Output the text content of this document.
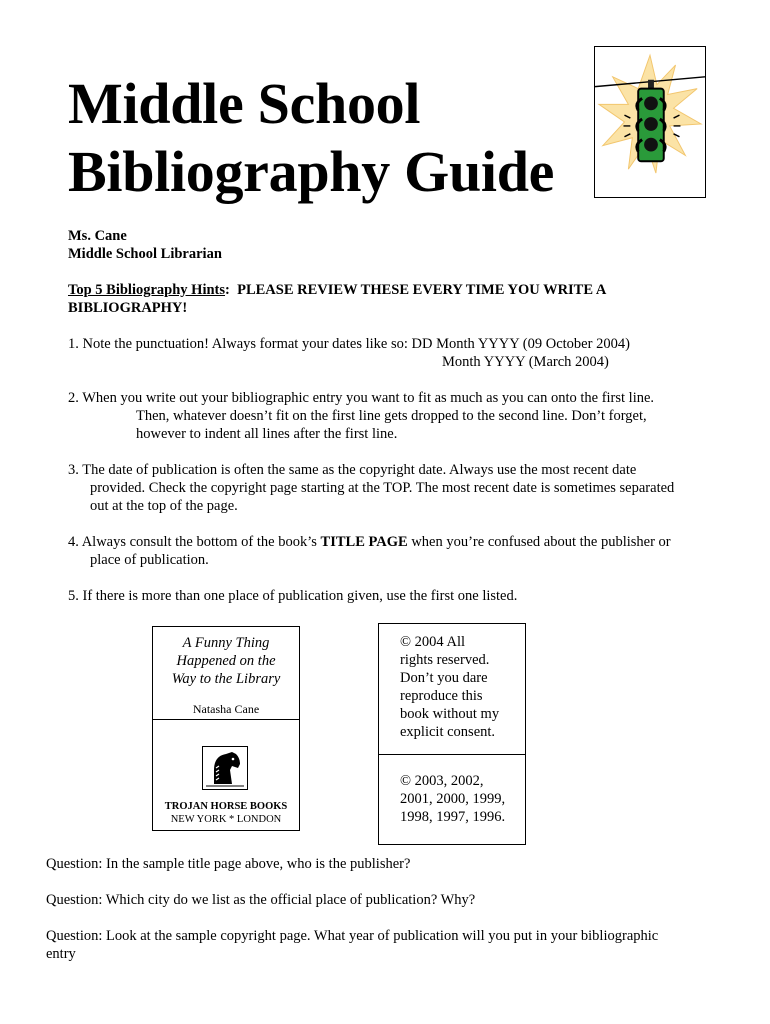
Middle School
Bibliography Guide
Ms. Cane
Middle School Librarian
Top 5 Bibliography Hints: PLEASE REVIEW THESE EVERY TIME YOU WRITE A
BIBLIOGRAPHY!
1. Note the punctuation! Always format your dates like so: DD Month YYYY (09 October 2004)
Month YYYY (March 2004)
2. When you write out your bibliographic entry you want to fit as much as you can onto the first line.
Then, whatever doesn’t fit on the first line gets dropped to the second line. Don’t forget,
however to indent all lines after the first line.
3. The date of publication is often the same as the copyright date. Always use the most recent date
provided. Check the copyright page starting at the TOP. The most recent date is sometimes separated
out at the top of the page.
4. Always consult the bottom of the book’s TITLE PAGE when you’re confused about the publisher or
place of publication.
5. If there is more than one place of publication given, use the first one listed.
A Funny Thing
Happened on the
Way to the Library
Natasha Cane
TROJAN HORSE BOOKS
NEW YORK * LONDON
© 2004 All
rights reserved.
Don’t you dare
reproduce this
book without my
explicit consent.
© 2003, 2002,
2001, 2000, 1999,
1998, 1997, 1996.
Question: In the sample title page above, who is the publisher?
Question: Which city do we list as the official place of publication? Why?
Question: Look at the sample copyright page. What year of publication will you put in your bibliographic
entry
